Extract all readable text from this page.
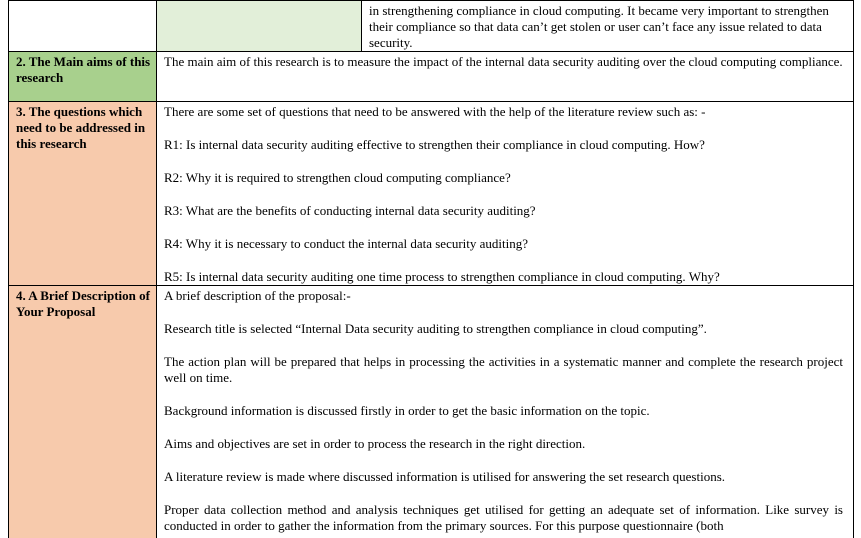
in strengthening compliance in cloud computing. It became very important to strengthen their compliance so that data can’t get stolen or user can’t face any issue related to data security.

2. The Main aims of this research

The main aim of this research is to measure the impact of the internal data security auditing over the cloud computing compliance.

3. The questions which need to be addressed in this research

There are some set of questions that need to be answered with the help of the literature review such as: -

R1: Is internal data security auditing effective to strengthen their compliance in cloud computing. How?

R2: Why it is required to strengthen cloud computing compliance?

R3: What are the benefits of conducting internal data security auditing?

R4: Why it is necessary to conduct the internal data security auditing?

R5: Is internal data security auditing one time process to strengthen compliance in cloud computing. Why?

4. A Brief Description of Your Proposal

A brief description of the proposal:-

Research title is selected “Internal Data security auditing to strengthen compliance in cloud computing”.

The action plan will be prepared that helps in processing the activities in a systematic manner and complete the research project well on time.

Background information is discussed firstly in order to get the basic information on the topic.

Aims and objectives are set in order to process the research in the right direction.

A literature review is made where discussed information is utilised for answering the set research questions.

Proper data collection method and analysis techniques get utilised for getting an adequate set of information. Like survey is conducted in order to gather the information from the primary sources. For this purpose questionnaire (both
